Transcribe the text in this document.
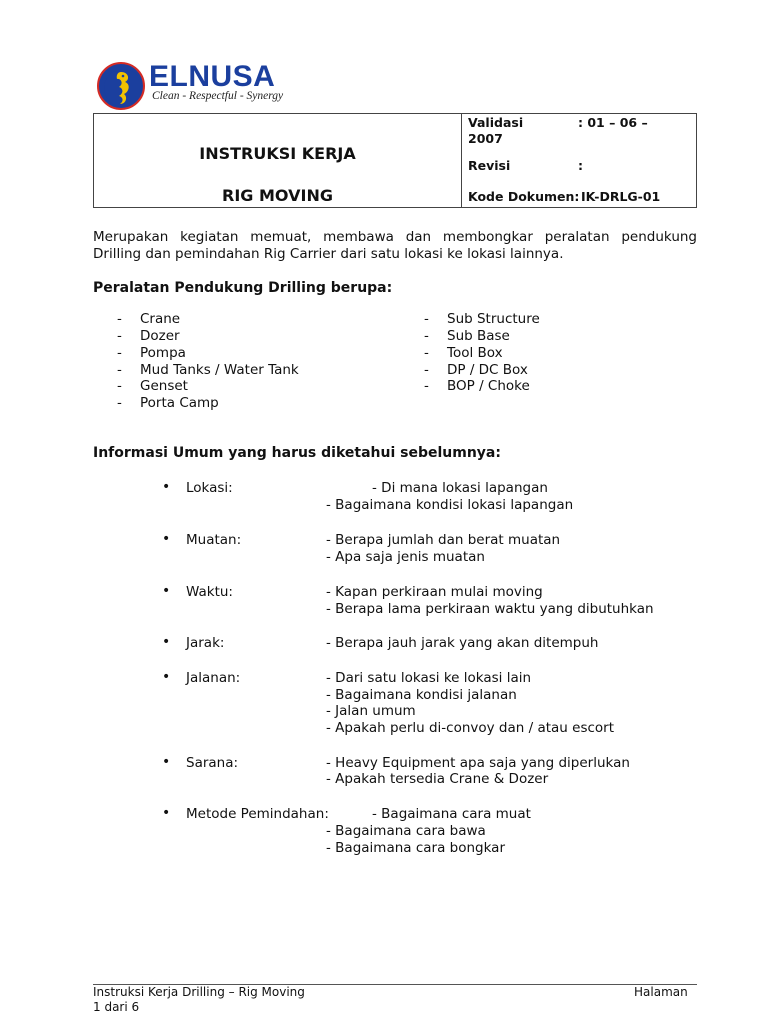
ELNUSA
Clean - Respectful - Synergy
INSTRUKSI KERJA
RIG MOVING
Validasi	: 01 – 06 –
2007
Revisi	:
Kode Dokumen: IK-DRLG-01
Merupakan kegiatan memuat, membawa dan membongkar peralatan pendukung
Drilling dan pemindahan Rig Carrier dari satu lokasi ke lokasi lainnya.
Peralatan Pendukung Drilling berupa:
- Crane
- Dozer
- Pompa
- Mud Tanks / Water Tank
- Genset
- Porta Camp
- Sub Structure
- Sub Base
- Tool Box
- DP / DC Box
- BOP / Choke
Informasi Umum yang harus diketahui sebelumnya:
• Lokasi:	- Di mana lokasi lapangan
- Bagaimana kondisi lokasi lapangan
• Muatan:	- Berapa jumlah dan berat muatan
- Apa saja jenis muatan
• Waktu:	- Kapan perkiraan mulai moving
- Berapa lama perkiraan waktu yang dibutuhkan
• Jarak:	- Berapa jauh jarak yang akan ditempuh
• Jalanan:	- Dari satu lokasi ke lokasi lain
- Bagaimana kondisi jalanan
- Jalan umum
- Apakah perlu di-convoy dan / atau escort
• Sarana:	- Heavy Equipment apa saja yang diperlukan
- Apakah tersedia Crane & Dozer
• Metode Pemindahan:	- Bagaimana cara muat
- Bagaimana cara bawa
- Bagaimana cara bongkar
Instruksi Kerja Drilling – Rig Moving	Halaman
1 dari 6
